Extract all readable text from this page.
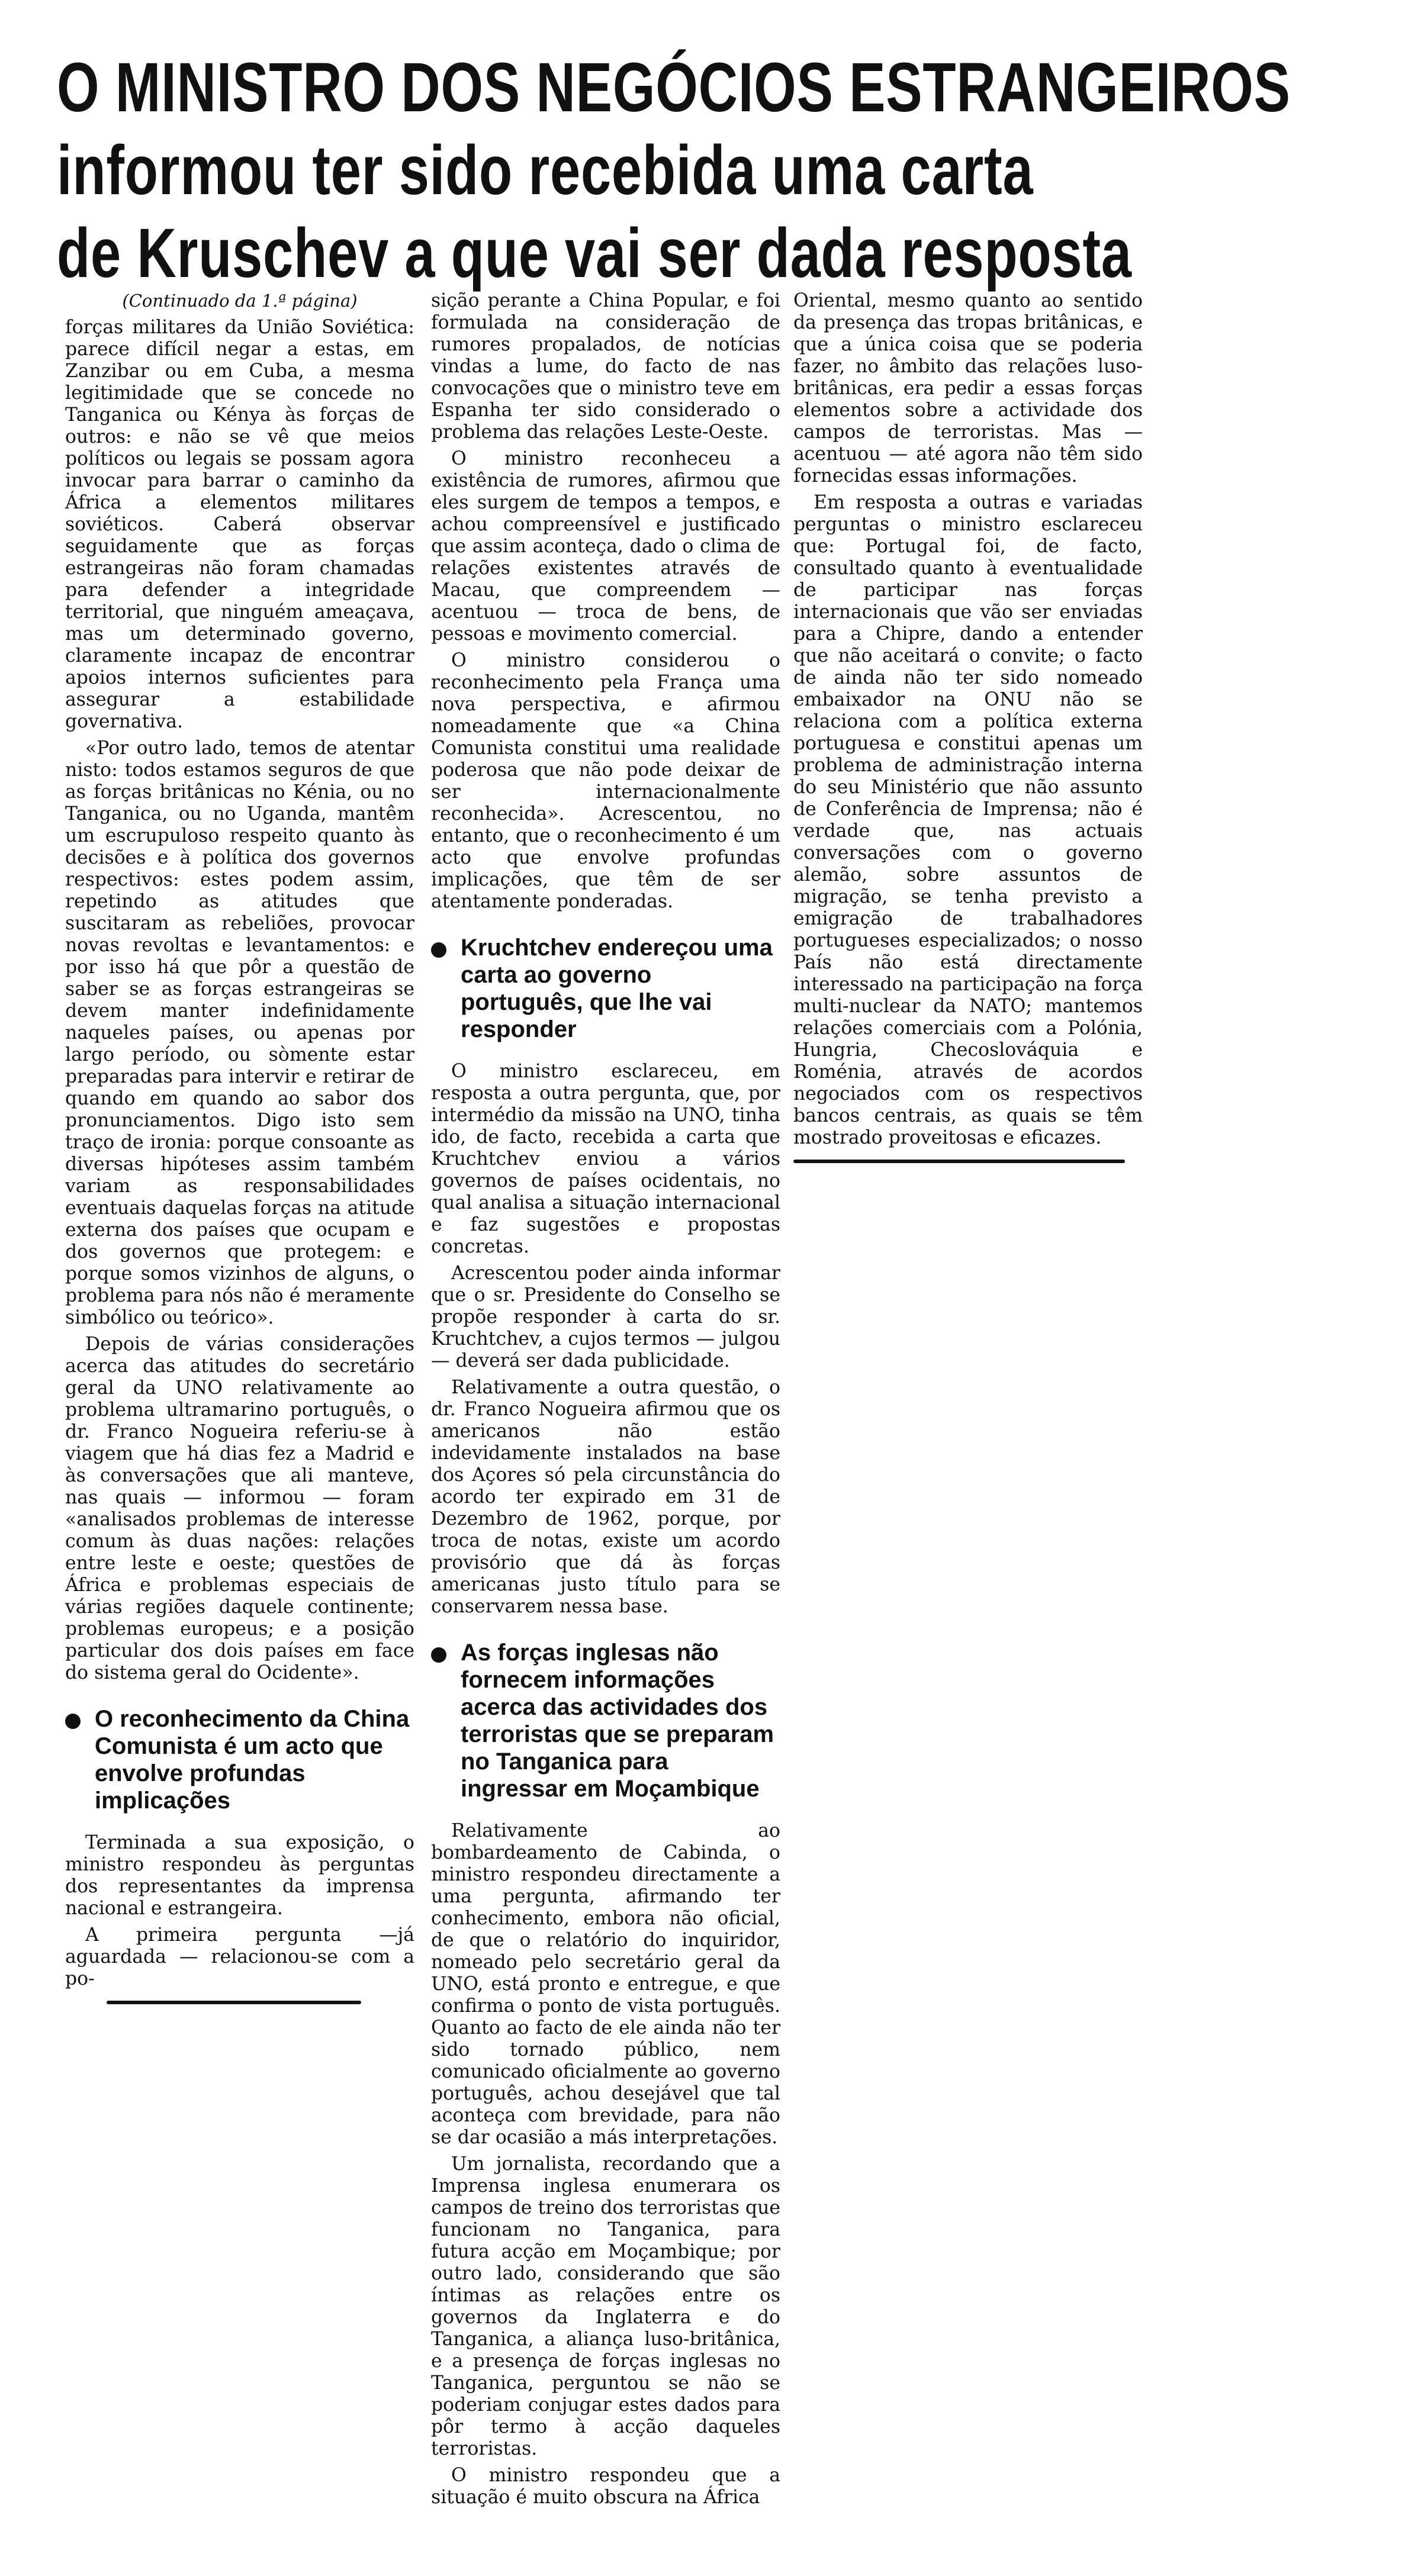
O MINISTRO DOS NEGÓCIOS ESTRANGEIROS
informou ter sido recebida uma carta
de Kruschev a que vai ser dada resposta

(Continuado da 1.ª página)

forças militares da União Soviética: parece difícil negar a estas, em Zanzibar ou em Cuba, a mesma legitimidade que se concede no Tanganica ou Kénya às forças de outros: e não se vê que meios políticos ou legais se possam agora invocar para barrar o caminho da África a elementos militares soviéticos. Caberá observar seguidamente que as forças estrangeiras não foram chamadas para defender a integridade territorial, que ninguém ameaçava, mas um determinado governo, claramente incapaz de encontrar apoios internos suficientes para assegurar a estabilidade governativa.

«Por outro lado, temos de atentar nisto: todos estamos seguros de que as forças britânicas no Kénia, ou no Tanganica, ou no Uganda, mantêm um escrupuloso respeito quanto às decisões e à política dos governos respectivos: estes podem assim, repetindo as atitudes que suscitaram as rebeliões, provocar novas revoltas e levantamentos: e por isso há que pôr a questão de saber se as forças estrangeiras se devem manter indefinidamente naqueles países, ou apenas por largo período, ou sòmente estar preparadas para intervir e retirar de quando em quando ao sabor dos pronunciamentos. Digo isto sem traço de ironia: porque consoante as diversas hipóteses assim também variam as responsabilidades eventuais daquelas forças na atitude externa dos países que ocupam e dos governos que protegem: e porque somos vizinhos de alguns, o problema para nós não é meramente simbólico ou teórico».

Depois de várias considerações acerca das atitudes do secretário geral da UNO relativamente ao problema ultramarino português, o dr. Franco Nogueira referiu-se à viagem que há dias fez a Madrid e às conversações que ali manteve, nas quais — informou — foram «analisados problemas de interesse comum às duas nações: relações entre leste e oeste; questões de África e problemas especiais de várias regiões daquele continente; problemas europeus; e a posição particular dos dois países em face do sistema geral do Ocidente».

O reconhecimento da China Comunista é um acto que envolve profundas implicações

Terminada a sua exposição, o ministro respondeu às perguntas dos representantes da imprensa nacional e estrangeira.

A primeira pergunta —já aguardada — relacionou-se com a po-

sição perante a China Popular, e foi formulada na consideração de rumores propalados, de notícias vindas a lume, do facto de nas convocações que o ministro teve em Espanha ter sido considerado o problema das relações Leste-Oeste.

O ministro reconheceu a existência de rumores, afirmou que eles surgem de tempos a tempos, e achou compreensível e justificado que assim aconteça, dado o clima de relações existentes através de Macau, que compreendem — acentuou — troca de bens, de pessoas e movimento comercial.

O ministro considerou o reconhecimento pela França uma nova perspectiva, e afirmou nomeadamente que «a China Comunista constitui uma realidade poderosa que não pode deixar de ser internacionalmente reconhecida». Acrescentou, no entanto, que o reconhecimento é um acto que envolve profundas implicações, que têm de ser atentamente ponderadas.

Kruchtchev endereçou uma carta ao governo português, que lhe vai responder

O ministro esclareceu, em resposta a outra pergunta, que, por intermédio da missão na UNO, tinha ido, de facto, recebida a carta que Kruchtchev enviou a vários governos de países ocidentais, no qual analisa a situação internacional e faz sugestões e propostas concretas.

Acrescentou poder ainda informar que o sr. Presidente do Conselho se propõe responder à carta do sr. Kruchtchev, a cujos termos — julgou — deverá ser dada publicidade.

Relativamente a outra questão, o dr. Franco Nogueira afirmou que os americanos não estão indevidamente instalados na base dos Açores só pela circunstância do acordo ter expirado em 31 de Dezembro de 1962, porque, por troca de notas, existe um acordo provisório que dá às forças americanas justo título para se conservarem nessa base.

As forças inglesas não fornecem informações acerca das actividades dos terroristas que se preparam no Tanganica para ingressar em Moçambique

Relativamente ao bombardeamento de Cabinda, o ministro respondeu directamente a uma pergunta, afirmando ter conhecimento, embora não oficial, de que o relatório do inquiridor, nomeado pelo secretário geral da UNO, está pronto e entregue, e que confirma o ponto de vista português. Quanto ao facto de ele ainda não ter sido tornado público, nem comunicado oficialmente ao governo português, achou desejável que tal aconteça com brevidade, para não se dar ocasião a más interpretações.

Um jornalista, recordando que a Imprensa inglesa enumerara os campos de treino dos terroristas que funcionam no Tanganica, para futura acção em Moçambique; por outro lado, considerando que são íntimas as relações entre os governos da Inglaterra e do Tanganica, a aliança luso-britânica, e a presença de forças inglesas no Tanganica, perguntou se não se poderiam conjugar estes dados para pôr termo à acção daqueles terroristas.

O ministro respondeu que a situação é muito obscura na África

Oriental, mesmo quanto ao sentido da presença das tropas britânicas, e que a única coisa que se poderia fazer, no âmbito das relações luso-britânicas, era pedir a essas forças elementos sobre a actividade dos campos de terroristas. Mas — acentuou — até agora não têm sido fornecidas essas informações.

Em resposta a outras e variadas perguntas o ministro esclareceu que: Portugal foi, de facto, consultado quanto à eventualidade de participar nas forças internacionais que vão ser enviadas para a Chipre, dando a entender que não aceitará o convite; o facto de ainda não ter sido nomeado embaixador na ONU não se relaciona com a política externa portuguesa e constitui apenas um problema de administração interna do seu Ministério que não assunto de Conferência de Imprensa; não é verdade que, nas actuais conversações com o governo alemão, sobre assuntos de migração, se tenha previsto a emigração de trabalhadores portugueses especializados; o nosso País não está directamente interessado na participação na força multi-nuclear da NATO; mantemos relações comerciais com a Polónia, Hungria, Checoslováquia e Roménia, através de acordos negociados com os respectivos bancos centrais, as quais se têm mostrado proveitosas e eficazes.
